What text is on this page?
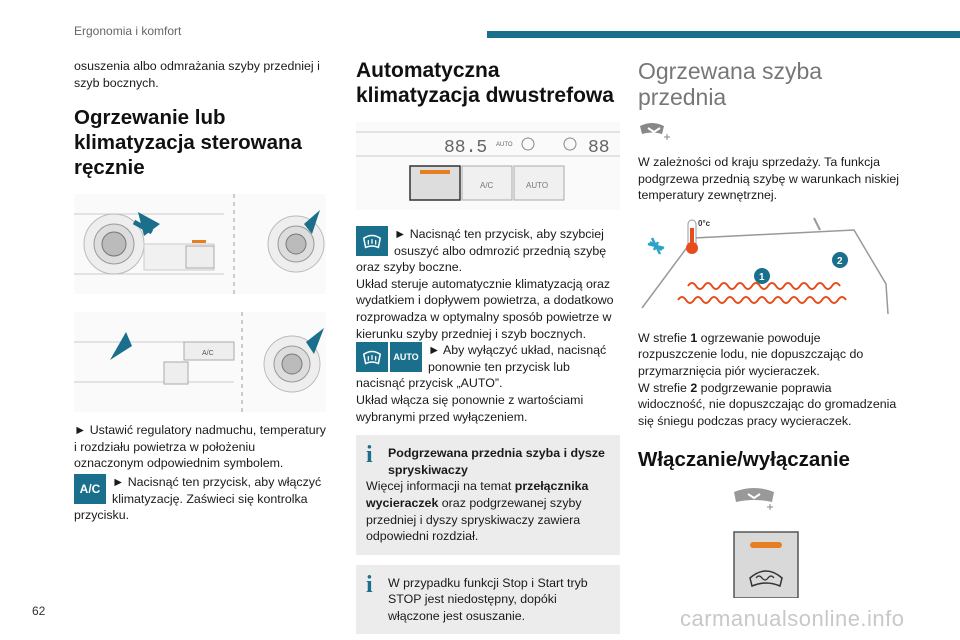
Ergonomia i komfort

osuszenia albo odmrażania szyby przedniej i szyb bocznych.

Ogrzewanie lub klimatyzacja sterowana ręcznie
A/C

► Ustawić regulatory nadmuchu, temperatury i rozdziału powietrza w położeniu oznaczonym odpowiednim symbolem.

A/C ► Nacisnąć ten przycisk, aby włączyć klimatyzację. Zaświeci się kontrolka

przycisku.

Automatyczna klimatyzacja dwustrefowa
88.5 AUTO	88
A/C	AUTO
► Nacisnąć ten przycisk, aby szybciej osuszyć albo odmrozić przednią szybę

oraz szyby boczne.

Układ steruje automatycznie klimatyzacją oraz wydatkiem i dopływem powietrza, a dodatkowo rozprowadza w optymalny sposób powietrze w kierunku szyby przedniej i szyb bocznych.

AUTO ► Aby wyłączyć układ, nacisnąć ponownie ten przycisk lub

nacisnąć przycisk „AUTO”.

Układ włącza się ponownie z wartościami wybranymi przed wyłączeniem.

i	Podgrzewana przednia szyba i dysze spryskiwaczy
Więcej informacji na temat przełącznika wycieraczek oraz podgrzewanej szyby przedniej i dyszy spryskiwaczy zawiera odpowiedni rozdział.
i	W przypadku funkcji Stop i Start tryb
STOP jest niedostępny, dopóki włączone jest osuszanie.
Ogrzewana szyba przednia

W zależności od kraju sprzedaży. Ta funkcja podgrzewa przednią szybę w warunkach niskiej temperatury zewnętrznej.

0°c
1
2

W strefie 1 ogrzewanie powoduje rozpuszczenie lodu, nie dopuszczając do przymarznięcia piór wycieraczek.

W strefie 2 podgrzewanie poprawia widoczność, nie dopuszczając do gromadzenia się śniegu podczas pracy wycieraczek.

Włączanie/wyłączanie
62	carmanualsonline.info
